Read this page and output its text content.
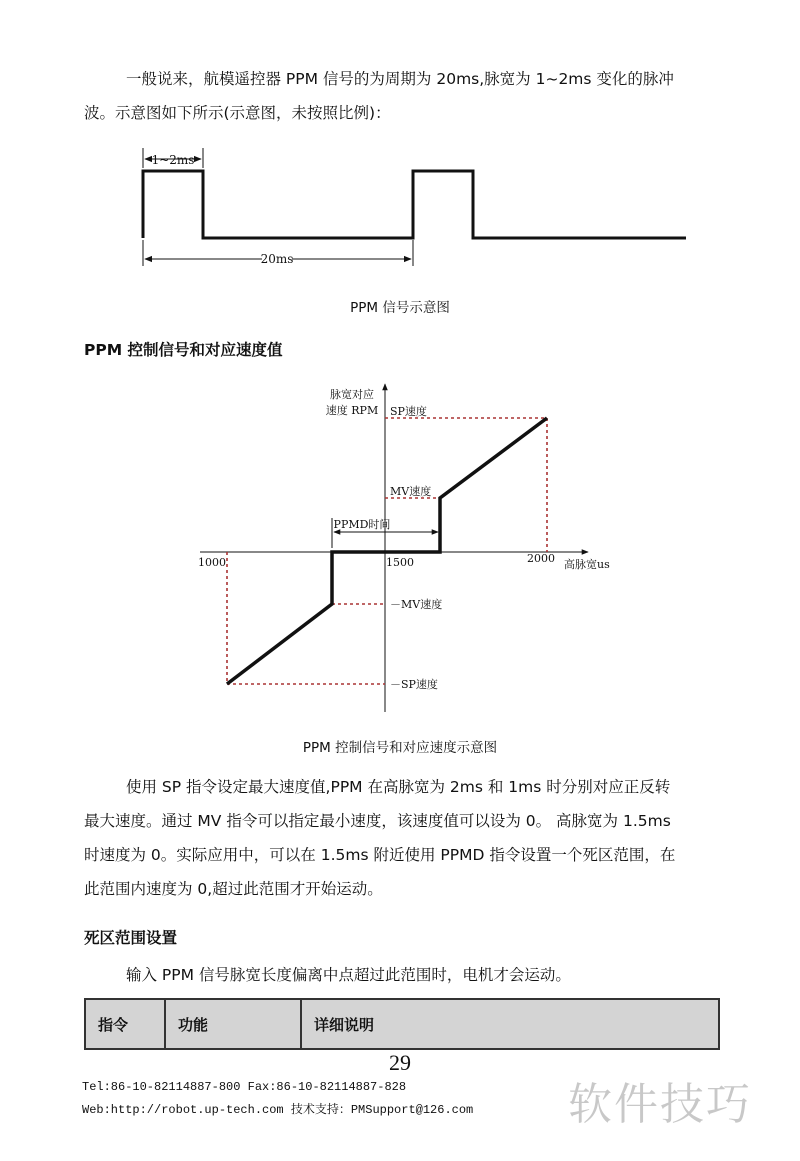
一般说来，航模遥控器 PPM 信号的为周期为 20ms,脉宽为 1~2ms 变化的脉冲
波。示意图如下所示(示意图，未按照比例)：
1~2ms
20ms
PPM 信号示意图
PPM 控制信号和对应速度值
PPMD时间
脉宽对应
速度 RPM
高脉宽us
1000	1500	2000
SP速度
MV速度
－MV速度
－SP速度
PPM 控制信号和对应速度示意图
使用 SP 指令设定最大速度值,PPM 在高脉宽为 2ms 和 1ms 时分别对应正反转
最大速度。通过 MV 指令可以指定最小速度，该速度值可以设为 0。 高脉宽为 1.5ms
时速度为 0。实际应用中，可以在 1.5ms 附近使用 PPMD 指令设置一个死区范围，在
此范围内速度为 0,超过此范围才开始运动。
死区范围设置
输入 PPM 信号脉宽长度偏离中点超过此范围时，电机才会运动。
指令	功能	详细说明
29
Tel:86-10-82114887-800 Fax:86-10-82114887-828
Web:http://robot.up-tech.com 技术支持：PMSupport@126.com 软件技巧
